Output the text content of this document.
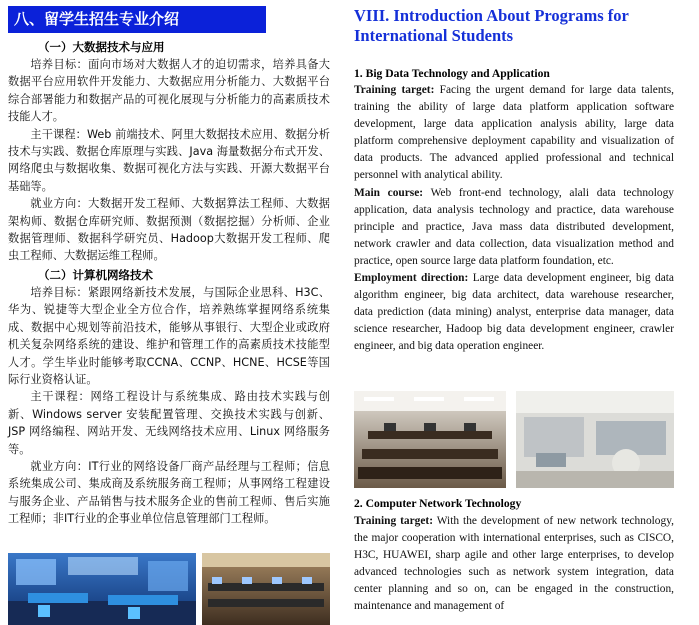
八、留学生招生专业介绍
（一）大数据技术与应用

培养目标：面向市场对大数据人才的迫切需求，培养具备大数据平台应用软件开发能力、大数据应用分析能力、大数据平台综合部署能力和数据产品的可视化展现与分析能力的高素质技术技能人才。

主干课程：Web 前端技术、阿里大数据技术应用、数据分析技术与实践、数据仓库原理与实践、Java 海量数据分布式开发、网络爬虫与数据收集、数据可视化方法与实践、开源大数据平台基础等。

就业方向：大数据开发工程师、大数据算法工程师、大数据架构师、数据仓库研究师、数据预测（数据挖掘）分析师、企业数据管理师、数据科学研究员、Hadoop大数据开发工程师、爬虫工程师、大数据运维工程师。

（二）计算机网络技术

培养目标：紧跟网络新技术发展，与国际企业思科、H3C、华为、锐捷等大型企业全方位合作，培养熟练掌握网络系统集成、数据中心规划等前沿技术，能够从事银行、大型企业或政府机关复杂网络系统的建设、维护和管理工作的高素质技术技能型人才。学生毕业时能够考取CCNA、CCNP、HCNE、HCSE等国际行业资格认证。

主干课程：网络工程设计与系统集成、路由技术实践与创新、Windows server 安装配置管理、交换技术实践与创新、JSP 网络编程、网站开发、无线网络技术应用、Linux 网络服务等。

就业方向：IT行业的网络设备厂商产品经理与工程师；信息系统集成公司、集成商及系统服务商工程师；从事网络工程建设与服务企业、产品销售与技术服务企业的售前工程师、售后实施工程师；非IT行业的企事业单位信息管理部门工程师。

VIII. Introduction About Programs for International Students
1. Big Data Technology and Application

Training target: Facing the urgent demand for large data talents, training the ability of large data platform application software development, large data application analysis ability, large data platform comprehensive deployment capability and visualization of data products. The advanced applied professional and technical personnel with analytical ability.

Main course: Web front-end technology, alali data technology application, data analysis technology and practice, data warehouse principle and practice, Java mass data distributed development, network crawler and data collection, data visualization method and practice, open source large data platform foundation, etc.

Employment direction: Large data development engineer, big data algorithm engineer, big data architect, data warehouse researcher, data prediction (data mining) analyst, enterprise data manager, data science researcher, Hadoop big data development engineer, crawler engineer, and big data operation engineer.

2. Computer Network Technology

Training target: With the development of new network technology, the major cooperation with international enterprises, such as CISCO, H3C, HUAWEI, sharp agile and other large enterprises, to develop advanced technologies such as network system integration, data center planning and so on, can be engaged in the construction, maintenance and management of
